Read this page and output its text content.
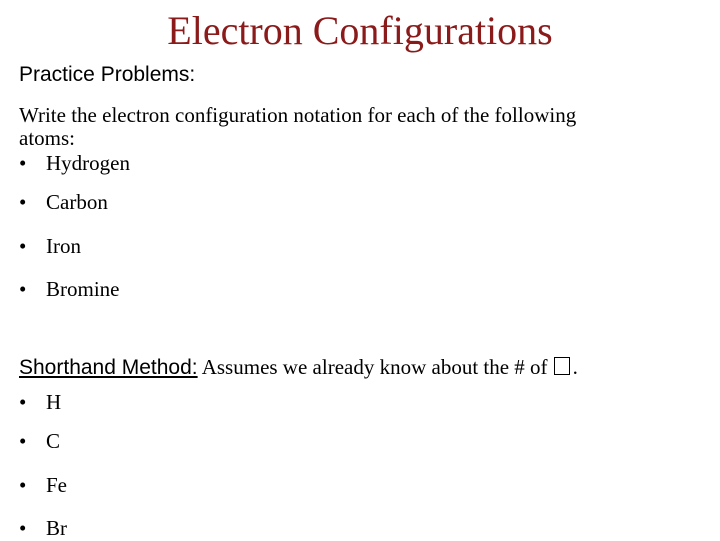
Electron Configurations
Practice Problems:
Write the electron configuration notation for each of the following
atoms:
• Hydrogen
• Carbon
• Iron
• Bromine
Shorthand Method: Assumes we already know about the # of .
• H
• C
• Fe
• Br
